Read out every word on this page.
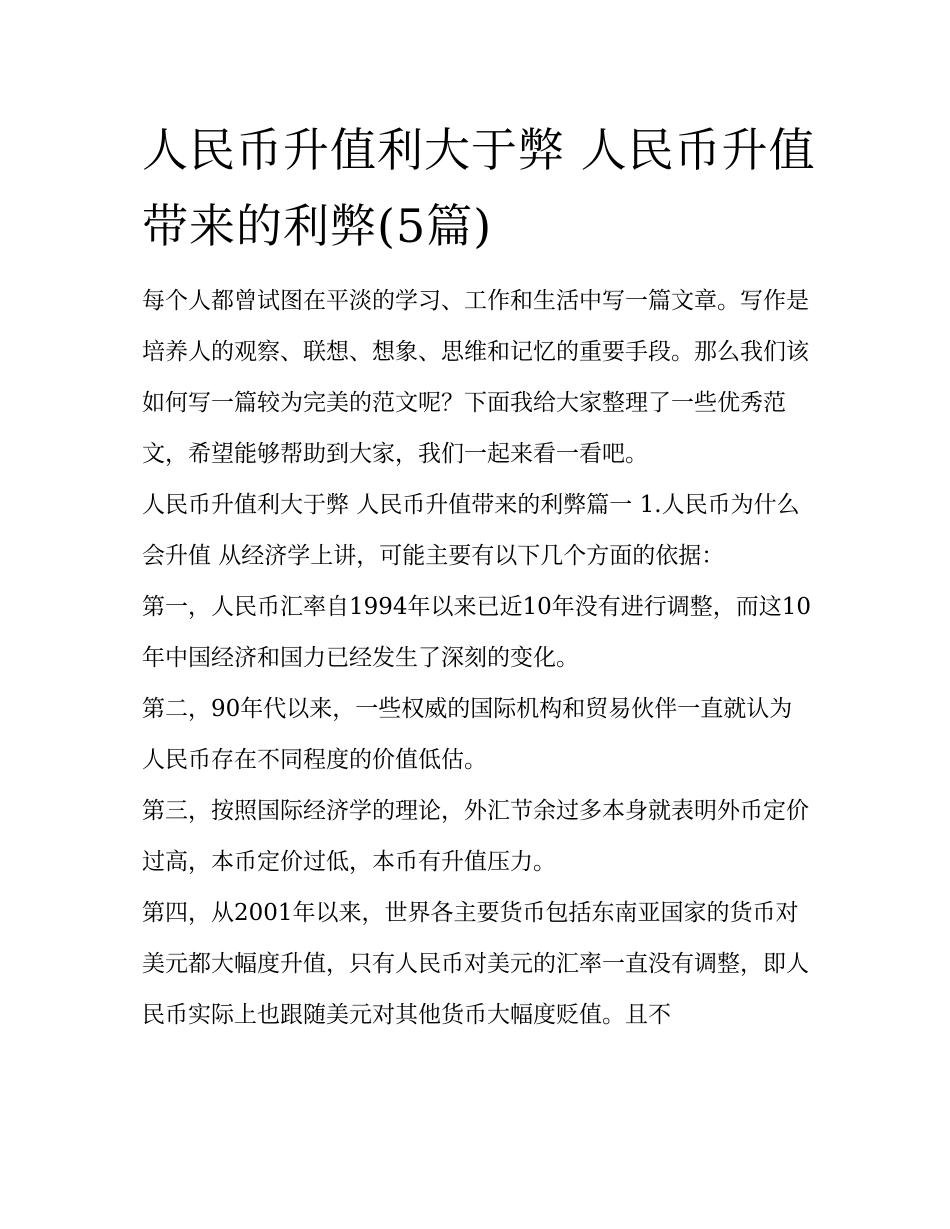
人民币升值利大于弊 人民币升值带来的利弊(5篇)

每个人都曾试图在平淡的学习、工作和生活中写一篇文章。写作是培养人的观察、联想、想象、思维和记忆的重要手段。那么我们该如何写一篇较为完美的范文呢？下面我给大家整理了一些优秀范文，希望能够帮助到大家，我们一起来看一看吧。

人民币升值利大于弊 人民币升值带来的利弊篇一 1.人民币为什么会升值 从经济学上讲，可能主要有以下几个方面的依据：

第一，人民币汇率自1994年以来已近10年没有进行调整，而这10年中国经济和国力已经发生了深刻的变化。

第二，90年代以来，一些权威的国际机构和贸易伙伴一直就认为人民币存在不同程度的价值低估。

第三，按照国际经济学的理论，外汇节余过多本身就表明外币定价过高，本币定价过低，本币有升值压力。

第四，从2001年以来，世界各主要货币包括东南亚国家的货币对美元都大幅度升值，只有人民币对美元的汇率一直没有调整，即人民币实际上也跟随美元对其他货币大幅度贬值。且不
